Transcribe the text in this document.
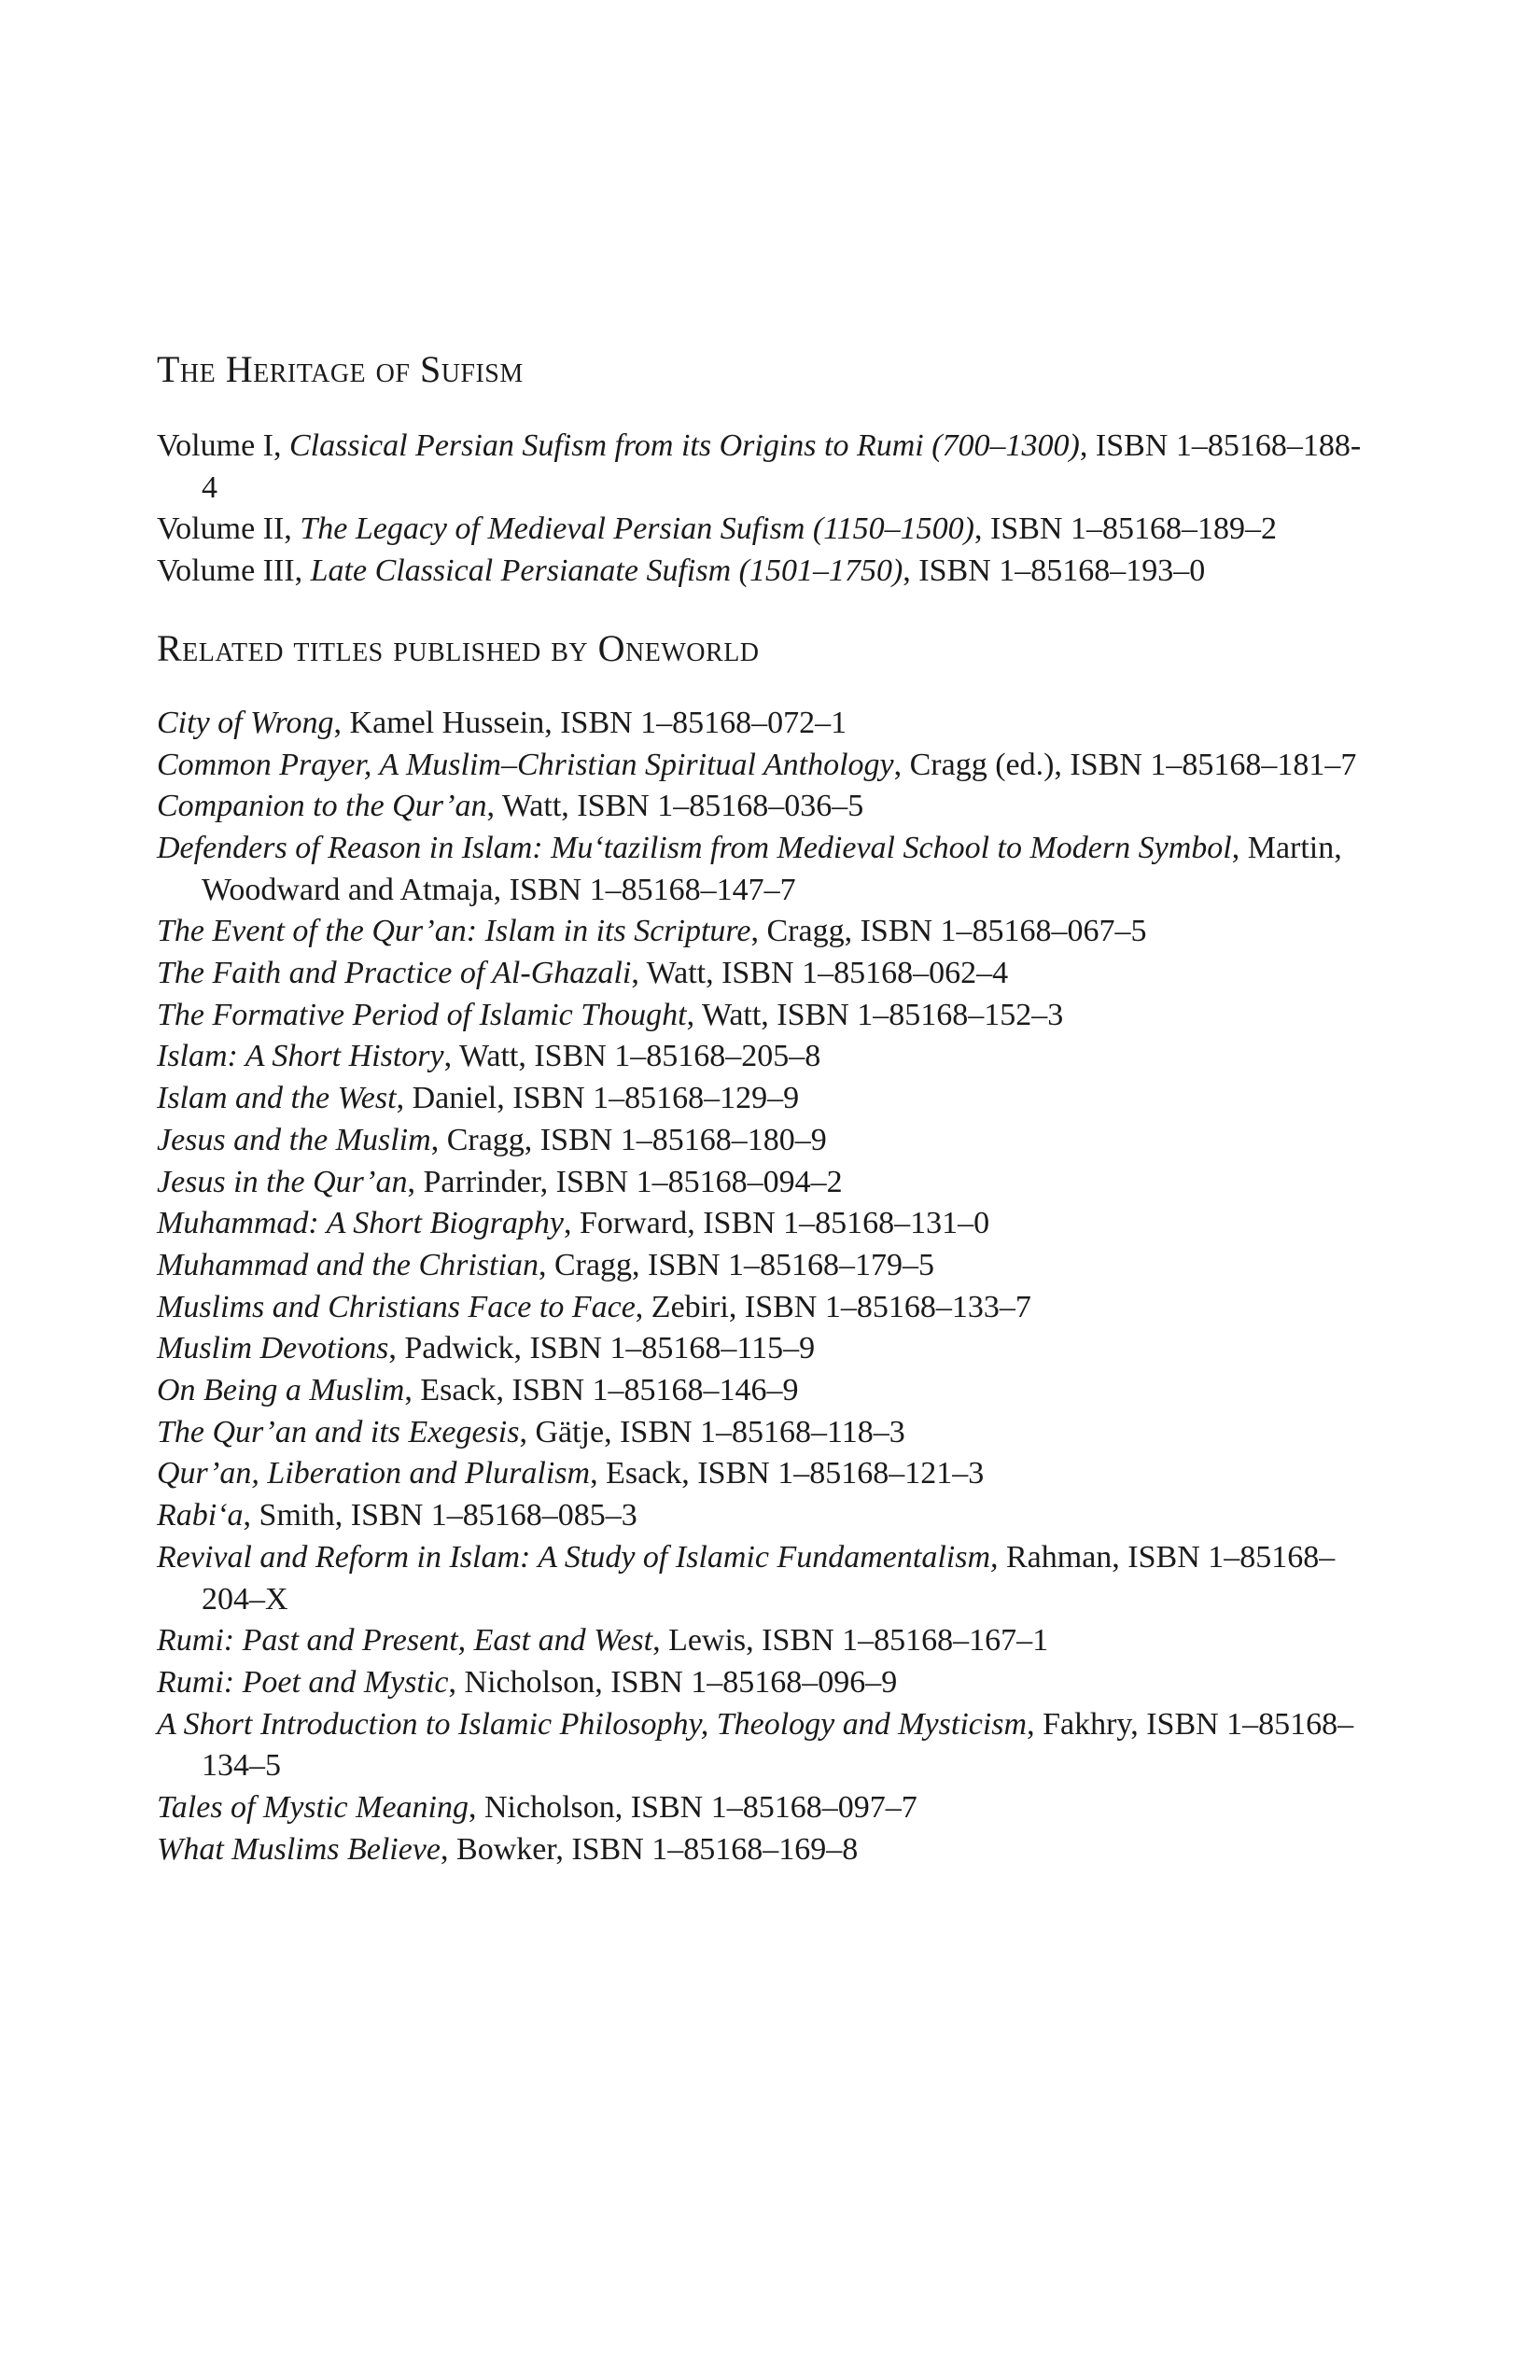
The Heritage of Sufism
Volume I, Classical Persian Sufism from its Origins to Rumi (700–1300), ISBN 1–85168–188-4
Volume II, The Legacy of Medieval Persian Sufism (1150–1500), ISBN 1–85168–189–2
Volume III, Late Classical Persianate Sufism (1501–1750), ISBN 1–85168–193–0
Related titles published by Oneworld
City of Wrong, Kamel Hussein, ISBN 1–85168–072–1
Common Prayer, A Muslim–Christian Spiritual Anthology, Cragg (ed.), ISBN 1–85168–181–7
Companion to the Qur’an, Watt, ISBN 1–85168–036–5
Defenders of Reason in Islam: Mu‘tazilism from Medieval School to Modern Symbol, Martin, Woodward and Atmaja, ISBN 1–85168–147–7
The Event of the Qur’an: Islam in its Scripture, Cragg, ISBN 1–85168–067–5
The Faith and Practice of Al-Ghazali, Watt, ISBN 1–85168–062–4
The Formative Period of Islamic Thought, Watt, ISBN 1–85168–152–3
Islam: A Short History, Watt, ISBN 1–85168–205–8
Islam and the West, Daniel, ISBN 1–85168–129–9
Jesus and the Muslim, Cragg, ISBN 1–85168–180–9
Jesus in the Qur’an, Parrinder, ISBN 1–85168–094–2
Muhammad: A Short Biography, Forward, ISBN 1–85168–131–0
Muhammad and the Christian, Cragg, ISBN 1–85168–179–5
Muslims and Christians Face to Face, Zebiri, ISBN 1–85168–133–7
Muslim Devotions, Padwick, ISBN 1–85168–115–9
On Being a Muslim, Esack, ISBN 1–85168–146–9
The Qur’an and its Exegesis, Gätje, ISBN 1–85168–118–3
Qur’an, Liberation and Pluralism, Esack, ISBN 1–85168–121–3
Rabi‘a, Smith, ISBN 1–85168–085–3
Revival and Reform in Islam: A Study of Islamic Fundamentalism, Rahman, ISBN 1–85168–204–X
Rumi: Past and Present, East and West, Lewis, ISBN 1–85168–167–1
Rumi: Poet and Mystic, Nicholson, ISBN 1–85168–096–9
A Short Introduction to Islamic Philosophy, Theology and Mysticism, Fakhry, ISBN 1–85168–134–5
Tales of Mystic Meaning, Nicholson, ISBN 1–85168–097–7
What Muslims Believe, Bowker, ISBN 1–85168–169–8
